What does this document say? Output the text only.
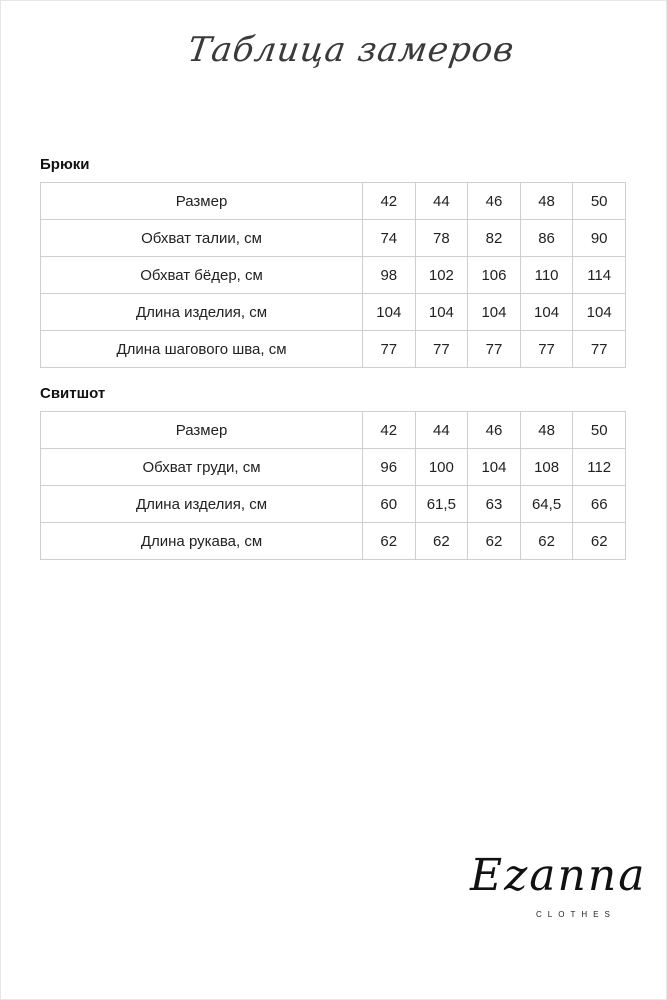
Таблица замеров
Брюки
Размер	42	44	46	48	50
Обхват талии, см	74	78	82	86	90
Обхват бёдер, см	98	102	106	110	114
Длина изделия, см	104	104	104	104	104
Длина шагового шва, см	77	77	77	77	77
Свитшот
Размер	42	44	46	48	50
Обхват груди, см	96	100	104	108	112
Длина изделия, см	60	61,5	63	64,5	66
Длина рукава, см	62	62	62	62	62
Ezanna
CLOTHES
